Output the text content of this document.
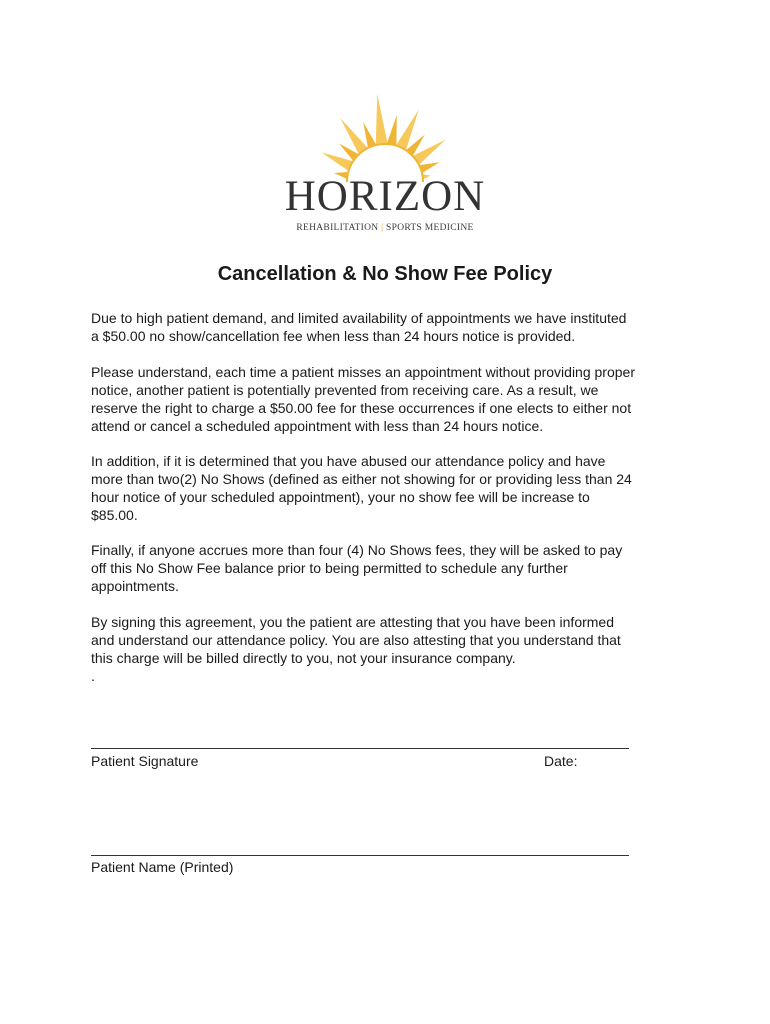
HORIZON
REHABILITATION | SPORTS MEDICINE
Cancellation & No Show Fee Policy
Due to high patient demand, and limited availability of appointments we have instituted
a $50.00 no show/cancellation fee when less than 24 hours notice is provided.
Please understand, each time a patient misses an appointment without providing proper
notice, another patient is potentially prevented from receiving care. As a result, we
reserve the right to charge a $50.00 fee for these occurrences if one elects to either not
attend or cancel a scheduled appointment with less than 24 hours notice.
In addition, if it is determined that you have abused our attendance policy and have
more than two(2) No Shows (defined as either not showing for or providing less than 24
hour notice of your scheduled appointment), your no show fee will be increase to
$85.00.
Finally, if anyone accrues more than four (4) No Shows fees, they will be asked to pay
off this No Show Fee balance prior to being permitted to schedule any further
appointments.
By signing this agreement, you the patient are attesting that you have been informed
and understand our attendance policy. You are also attesting that you understand that
this charge will be billed directly to you, not your insurance company.
.
Patient Signature	Date:
Patient Name (Printed)
